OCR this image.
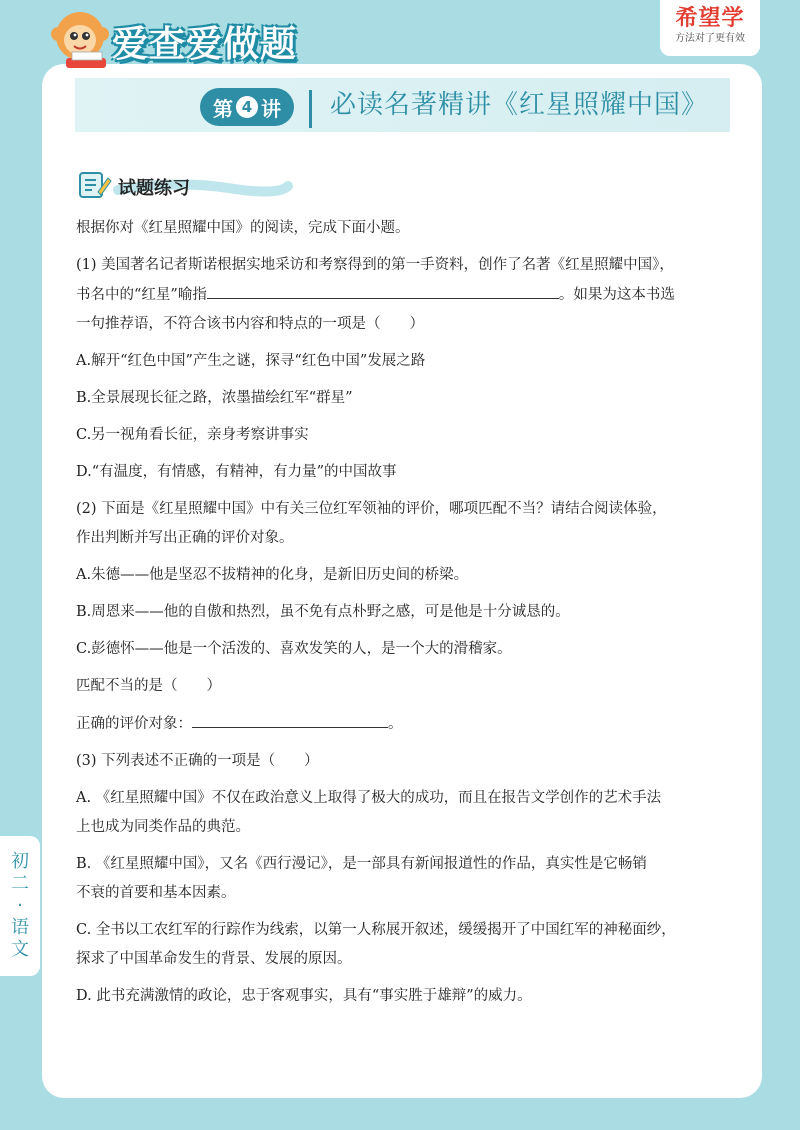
爱查爱做题
希望学
方法对了更有效
第 4 讲 必读名著精讲《红星照耀中国》
试题练习
初
二
·
语
文

根据你对《红星照耀中国》的阅读，完成下面小题。

(1) 美国著名记者斯诺根据实地采访和考察得到的第一手资料，创作了名著《红星照耀中国》，

书名中的“红星”喻指	。如果为这本书选

一句推荐语，不符合该书内容和特点的一项是（　　）

A.解开“红色中国”产生之谜，探寻“红色中国”发展之路

B.全景展现长征之路，浓墨描绘红军“群星”

C.另一视角看长征，亲身考察讲事实

D.“有温度，有情感，有精神，有力量”的中国故事

(2) 下面是《红星照耀中国》中有关三位红军领袖的评价，哪项匹配不当？请结合阅读体验，

作出判断并写出正确的评价对象。

A.朱德——他是坚忍不拔精神的化身，是新旧历史间的桥梁。

B.周恩来——他的自傲和热烈，虽不免有点朴野之感，可是他是十分诚恳的。

C.彭德怀——他是一个活泼的、喜欢发笑的人，是一个大的滑稽家。

匹配不当的是（　　）

正确的评价对象：	。

(3) 下列表述不正确的一项是（　　）

A. 《红星照耀中国》不仅在政治意义上取得了极大的成功，而且在报告文学创作的艺术手法

上也成为同类作品的典范。

B. 《红星照耀中国》，又名《西行漫记》，是一部具有新闻报道性的作品，真实性是它畅销

不衰的首要和基本因素。

C. 全书以工农红军的行踪作为线索，以第一人称展开叙述，缓缓揭开了中国红军的神秘面纱，

探求了中国革命发生的背景、发展的原因。

D. 此书充满激情的政论，忠于客观事实，具有“事实胜于雄辩”的威力。
